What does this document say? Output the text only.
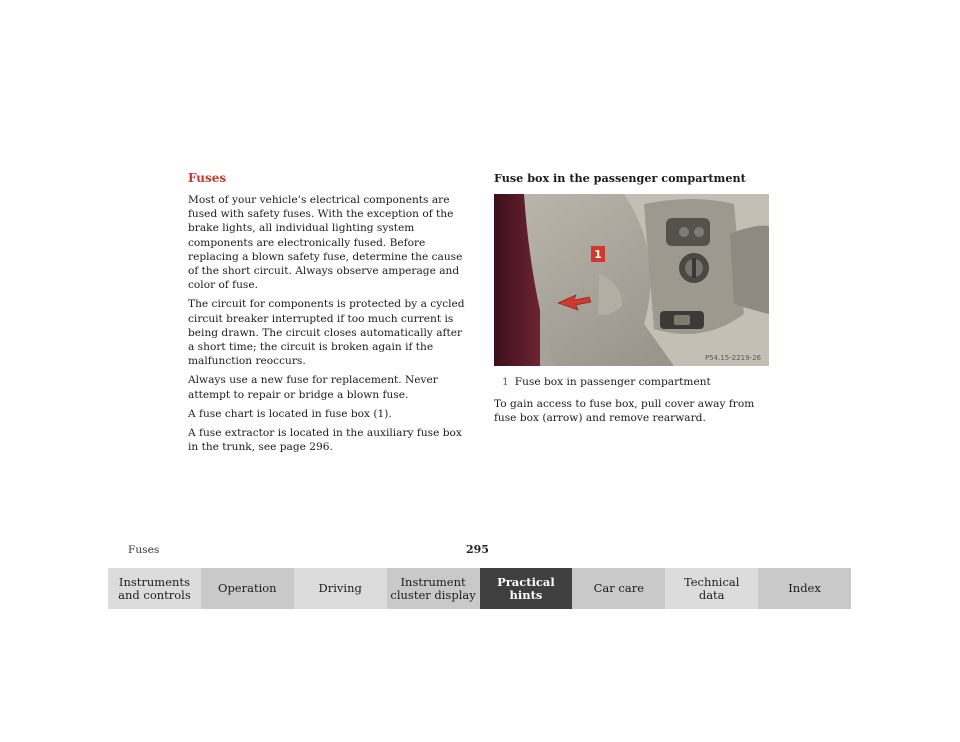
Fuses

Most of your vehicle’s electrical components are fused with safety fuses. With the exception of the brake lights, all individual lighting system components are electronically fused. Before replacing a blown safety fuse, determine the cause of the short circuit. Always observe amperage and color of fuse.

The circuit for components is protected by a cycled circuit breaker interrupted if too much current is being drawn. The circuit closes automatically after a short time; the circuit is broken again if the malfunction reoccurs.

Always use a new fuse for replacement. Never attempt to repair or bridge a blown fuse.

A fuse chart is located in fuse box (1).

A fuse extractor is located in the auxiliary fuse box in the trunk, see page 296.

Fuse box in the passenger compartment
1
P54.15-2219-26
1 Fuse box in passenger compartment

To gain access to fuse box, pull cover away from fuse box (arrow) and remove rearward.

Fuses	295
Instruments
and controls	Operation	Driving	Instrument
cluster display
Practical hints	Car care	Technical
data	Index
